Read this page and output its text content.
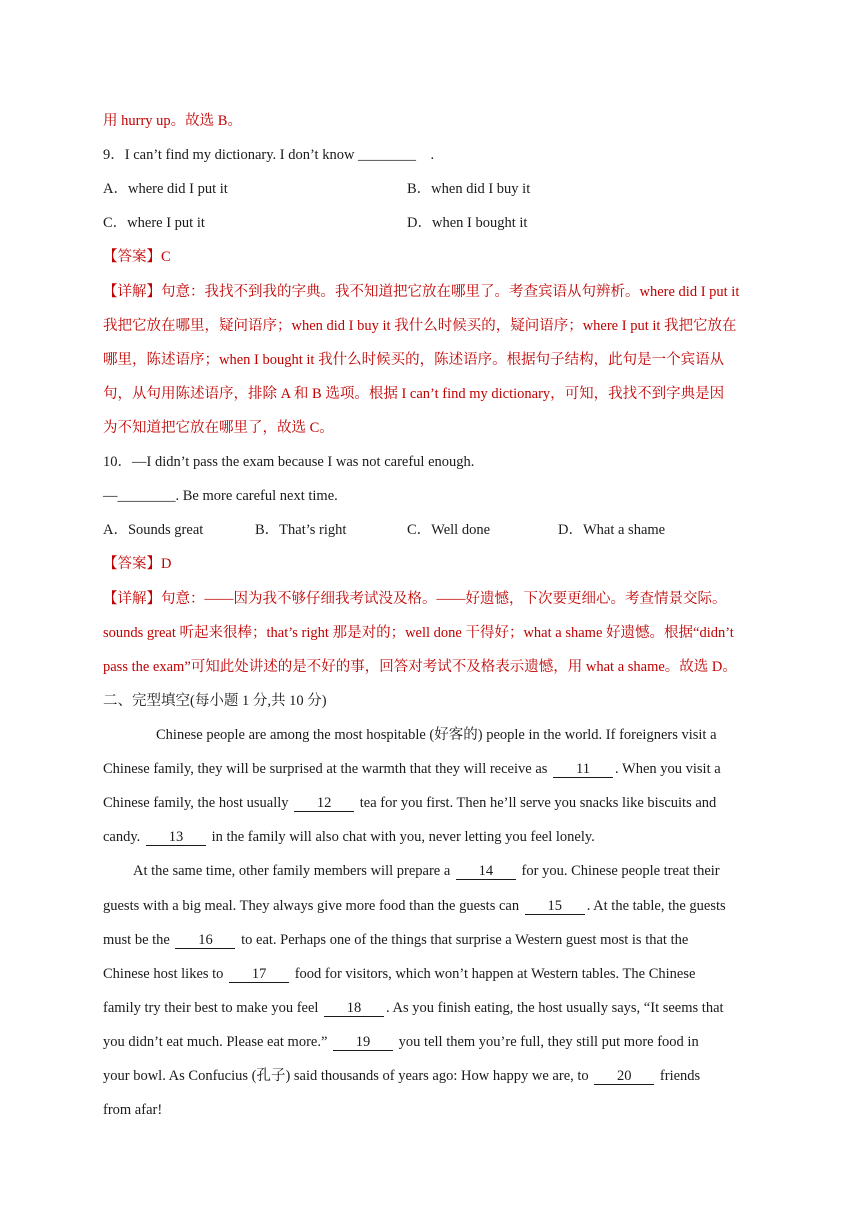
用 hurry up。故选 B。
9．I can’t find my dictionary. I don’t know ________　.
A．where did I put it	B．when did I buy it
C．where I put it	D．when I bought it
【答案】C
【详解】句意：我找不到我的字典。我不知道把它放在哪里了。考查宾语从句辨析。where did I put it
我把它放在哪里，疑问语序；when did I buy it 我什么时候买的，疑问语序；where I put it 我把它放在
哪里，陈述语序；when I bought it 我什么时候买的，陈述语序。根据句子结构，此句是一个宾语从
句，从句用陈述语序，排除 A 和 B 选项。根据 I can’t find my dictionary，可知，我找不到字典是因
为不知道把它放在哪里了，故选 C。
10．—I didn’t pass the exam because I was not careful enough.
—________. Be more careful next time.
A．Sounds great	B．That’s right	C．Well done	D．What a shame
【答案】D
【详解】句意：——因为我不够仔细我考试没及格。——好遗憾，下次要更细心。考查情景交际。
sounds great 听起来很棒；that’s right 那是对的；well done 干得好；what a shame 好遗憾。根据“didn’t
pass the exam”可知此处讲述的是不好的事，回答对考试不及格表示遗憾，用 what a shame。故选 D。
二、完型填空(每小题 1 分,共 10 分)
Chinese people are among the most hospitable (好客的) people in the world. If foreigners visit a
Chinese family, they will be surprised at the warmth that they will receive as 11 . When you visit a
Chinese family, the host usually 12 tea for you first. Then he’ll serve you snacks like biscuits and
candy. 13 in the family will also chat with you, never letting you feel lonely.
At the same time, other family members will prepare a 14 for you. Chinese people treat their
guests with a big meal. They always give more food than the guests can 15 . At the table, the guests
must be the 16 to eat. Perhaps one of the things that surprise a Western guest most is that the
Chinese host likes to 17 food for visitors, which won’t happen at Western tables. The Chinese
family try their best to make you feel 18 . As you finish eating, the host usually says, “It seems that
you didn’t eat much. Please eat more.” 19 you tell them you’re full, they still put more food in
your bowl. As Confucius (孔子) said thousands of years ago: How happy we are, to 20 friends
from afar!
